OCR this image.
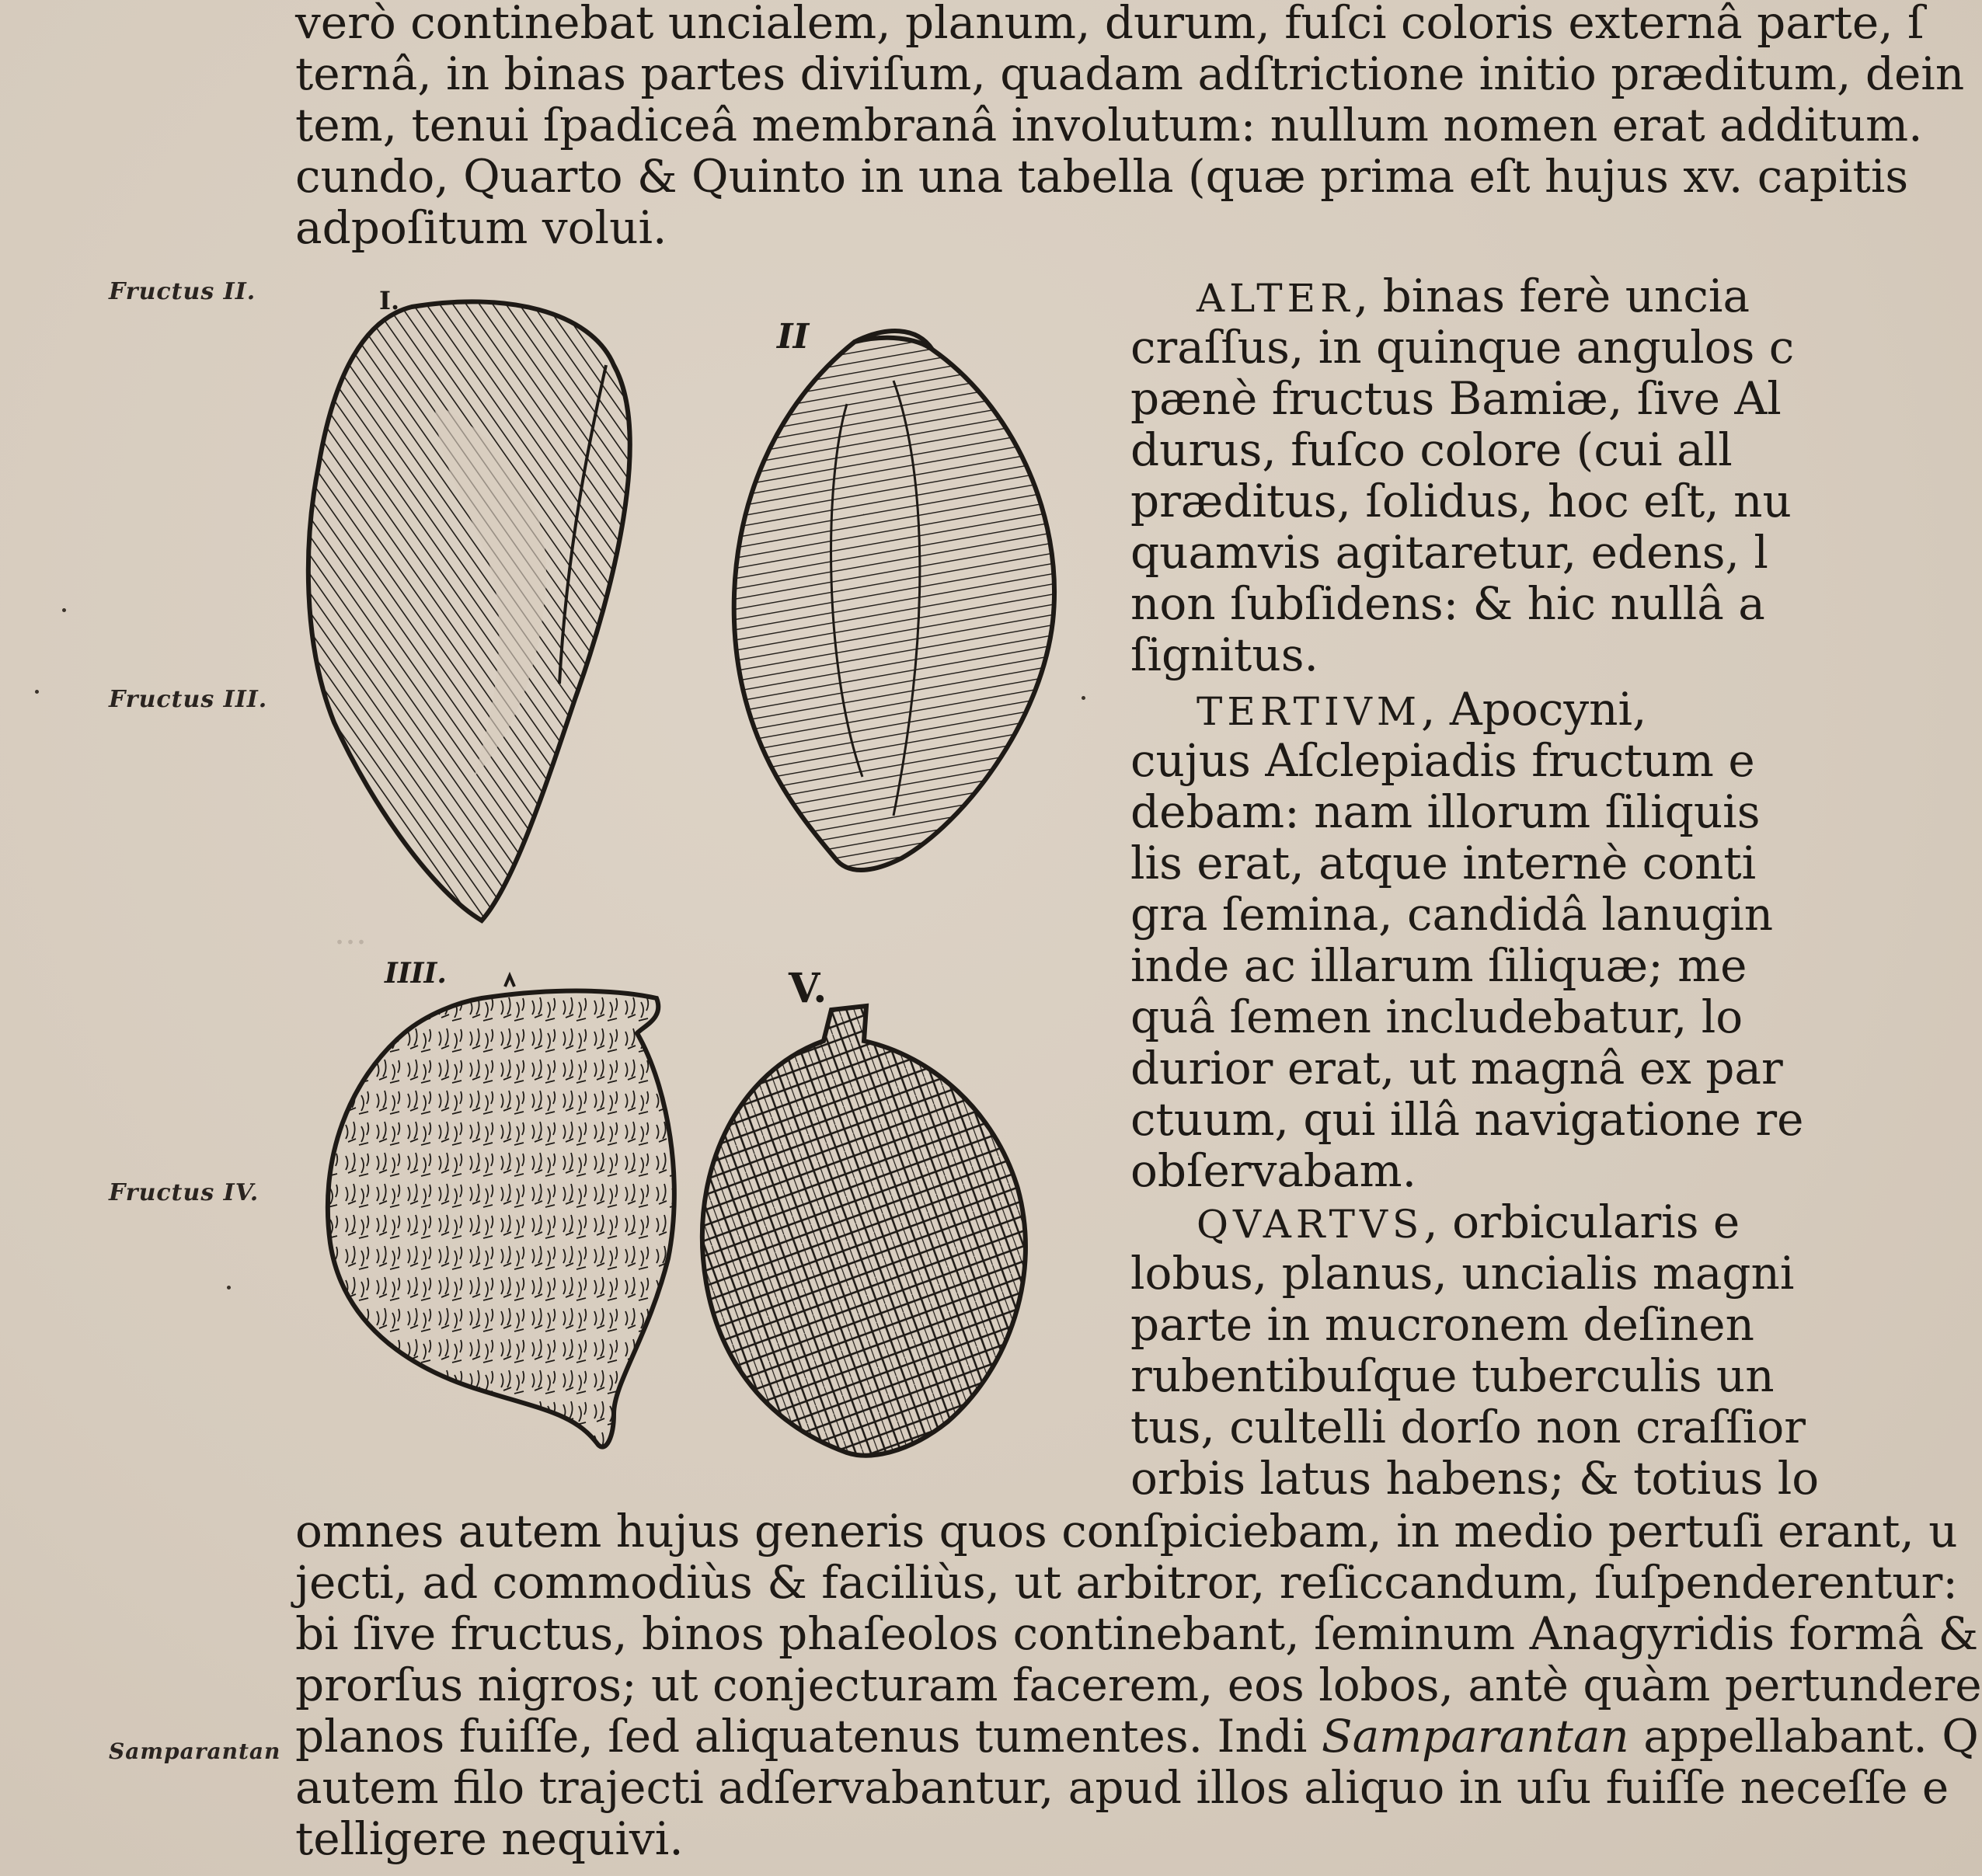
...
verò continebat uncialem, planum, durum, fuſci coloris externâ parte, ſ
ternâ, in binas partes diviſum, quadam adſtrictione initio præditum, dein
tem, tenui ſpadiceâ membranâ involutum: nullum nomen erat additum.
cundo, Quarto & Quinto in una tabella (quæ prima eſt hujus xv. capitis
adpoſitum volui.
Fructus II.
Fructus III.
Fructus IV.
Samparantan
ALTER, binas ferè uncia
craſſus, in quinque angulos c
pænè fructus Bamiæ, ſive Al
durus, fuſco colore (cui all
præditus, ſolidus, hoc eſt, nu
quamvis agitaretur, edens, l
non ſubſidens: & hic nullâ a
ſignitus.
TERTIVM, Apocyni,
cujus Aſclepiadis fructum e
debam: nam illorum ſiliquis
lis erat, atque internè conti
gra ſemina, candidâ lanugin
inde ac illarum ſiliquæ; me
quâ ſemen includebatur, lo
durior erat, ut magnâ ex par
ctuum, qui illâ navigatione re
obſervabam.
QVARTVS, orbicularis e
lobus, planus, uncialis magni
parte in mucronem deſinen
rubentibuſque tuberculis un
tus, cultelli dorſo non craſſior
orbis latus habens; & totius lo
omnes autem hujus generis quos conſpiciebam, in medio pertuſi erant, u
jecti, ad commodiùs & faciliùs, ut arbitror, reſiccandum, ſuſpenderentur:
bi ſive fructus, binos phaſeolos continebant, ſeminum Anagyridis formâ &
prorſus nigros; ut conjecturam facerem, eos lobos, antè quàm pertundere
planos fuiſſe, ſed aliquatenus tumentes. Indi Samparantan appellabant. Q
autem filo trajecti adſervabantur, apud illos aliquo in uſu fuiſſe neceſſe e
telligere nequivi.
I.
II
IIII.	V.
